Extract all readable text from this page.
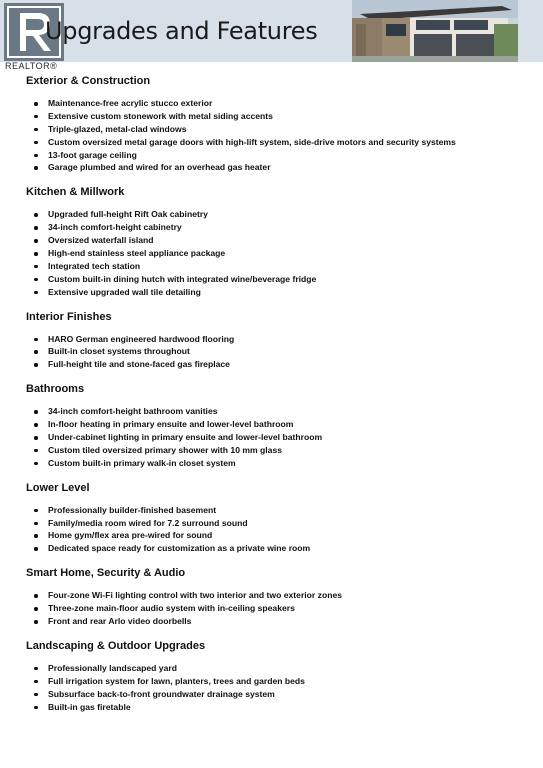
REALTOR®
Upgrades and Features
Exterior & Construction
Maintenance-free acrylic stucco exterior
Extensive custom stonework with metal siding accents
Triple-glazed, metal-clad windows
Custom oversized metal garage doors with high-lift system, side-drive motors and security systems
13-foot garage ceiling
Garage plumbed and wired for an overhead gas heater
Kitchen & Millwork
Upgraded full-height Rift Oak cabinetry
34-inch comfort-height cabinetry
Oversized waterfall island
High-end stainless steel appliance package
Integrated tech station
Custom built-in dining hutch with integrated wine/beverage fridge
Extensive upgraded wall tile detailing
Interior Finishes
HARO German engineered hardwood flooring
Built-in closet systems throughout
Full-height tile and stone-faced gas fireplace
Bathrooms
34-inch comfort-height bathroom vanities
In-floor heating in primary ensuite and lower-level bathroom
Under-cabinet lighting in primary ensuite and lower-level bathroom
Custom tiled oversized primary shower with 10 mm glass
Custom built-in primary walk-in closet system
Lower Level
Professionally builder-finished basement
Family/media room wired for 7.2 surround sound
Home gym/flex area pre-wired for sound
Dedicated space ready for customization as a private wine room
Smart Home, Security & Audio
Four-zone Wi-Fi lighting control with two interior and two exterior zones
Three-zone main-floor audio system with in-ceiling speakers
Front and rear Arlo video doorbells
Landscaping & Outdoor Upgrades
Professionally landscaped yard
Full irrigation system for lawn, planters, trees and garden beds
Subsurface back-to-front groundwater drainage system
Built-in gas firetable
